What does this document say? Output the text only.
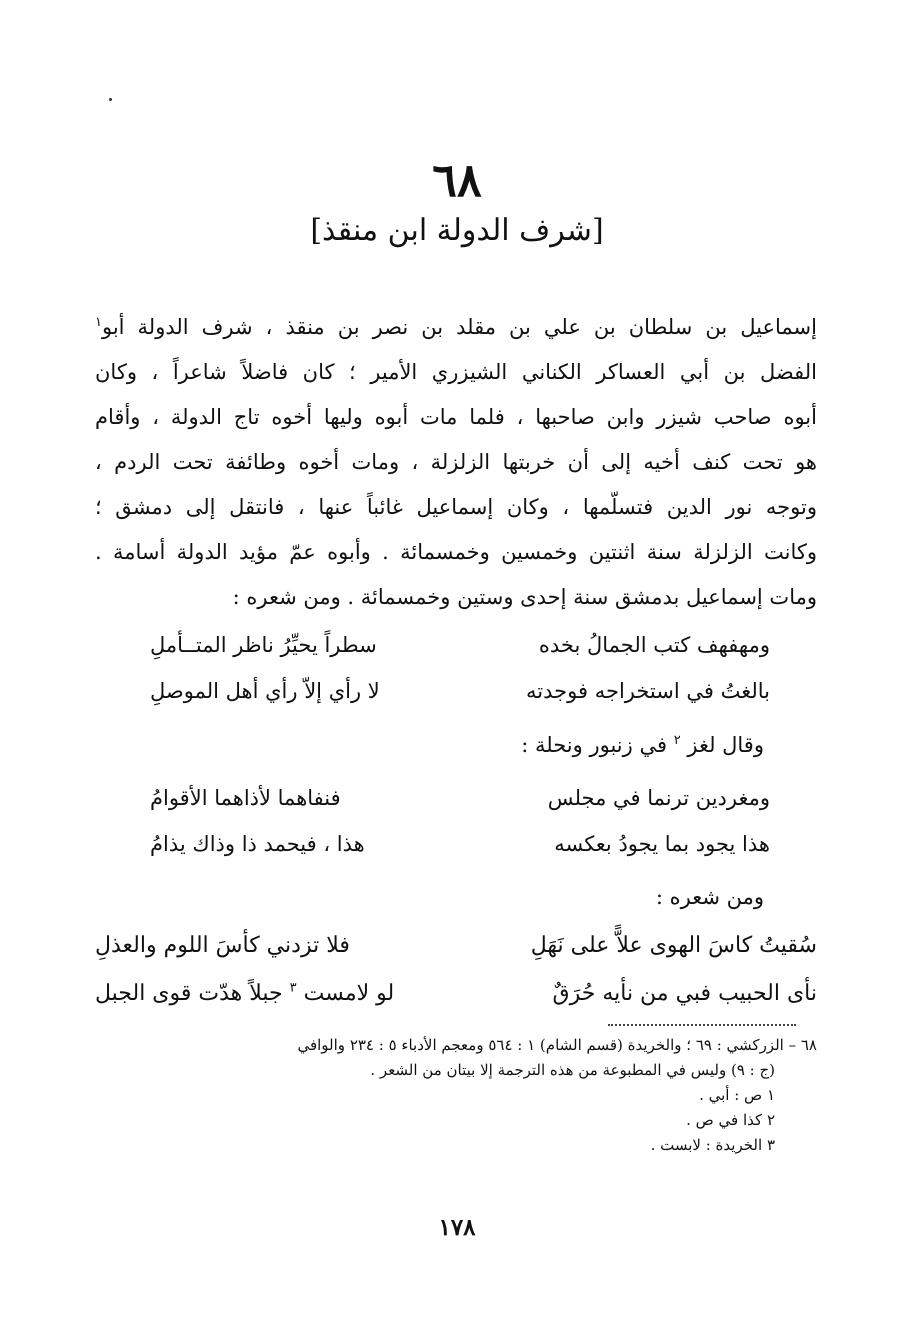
٦٨
[شرف الدولة ابن منقذ]
إسماعيل بن سلطان بن علي بن مقلد بن نصر بن منقذ ، شرف الدولة أبو$^١$
الفضل بن أبي العساكر الكناني الشيزري الأمير ؛ كان فاضلاً شاعراً ، وكان
أبوه صاحب شيزر وابن صاحبها ، فلما مات أبوه وليها أخوه تاج الدولة ، وأقام
هو تحت كنف أخيه إلى أن خربتها الزلزلة ، ومات أخوه وطائفة تحت الردم ،
وتوجه نور الدين فتسلّمها ، وكان إسماعيل غائباً عنها ، فانتقل إلى دمشق ؛
وكانت الزلزلة سنة اثنتين وخمسين وخمسمائة . وأبوه عمّ مؤيد الدولة أسامة .
ومات إسماعيل بدمشق سنة إحدى وستين وخمسمائة . ومن شعره :
ومهفهف كتب الجمالُ بخده
سطراً يحيِّرُ ناظر المتــأملِ
بالغتُ في استخراجه فوجدته
لا رأي إلاّ رأي أهل الموصلِ
وقال لغز $^٢$ في زنبور ونحلة :
ومغردين ترنما في مجلس
فنفاهما لأذاهما الأقوامُ
هذا يجود بما يجودُ بعكسه
هذا ، فيحمد ذا وذاك يذامُ
ومن شعره :
سُقيتُ كاسَ الهوى علاًّ على نَهَلِ
فلا تزدني كأسَ اللوم والعذلِ
نأى الحبيب فبي من نأيه حُرَقٌ
لو لامست $^٣$ جبلاً هدّت قوى الجبل
٦٨ – الزركشي : ٦٩ ؛ والخريدة (قسم الشام) ١ : ٥٦٤ ومعجم الأدباء ٥ : ٢٣٤ والوافي
(ج : ٩) وليس في المطبوعة من هذه الترجمة إلا بيتان من الشعر .
١ ص : أبي .
٢ كذا في ص .
٣ الخريدة : لابست .
١٧٨
